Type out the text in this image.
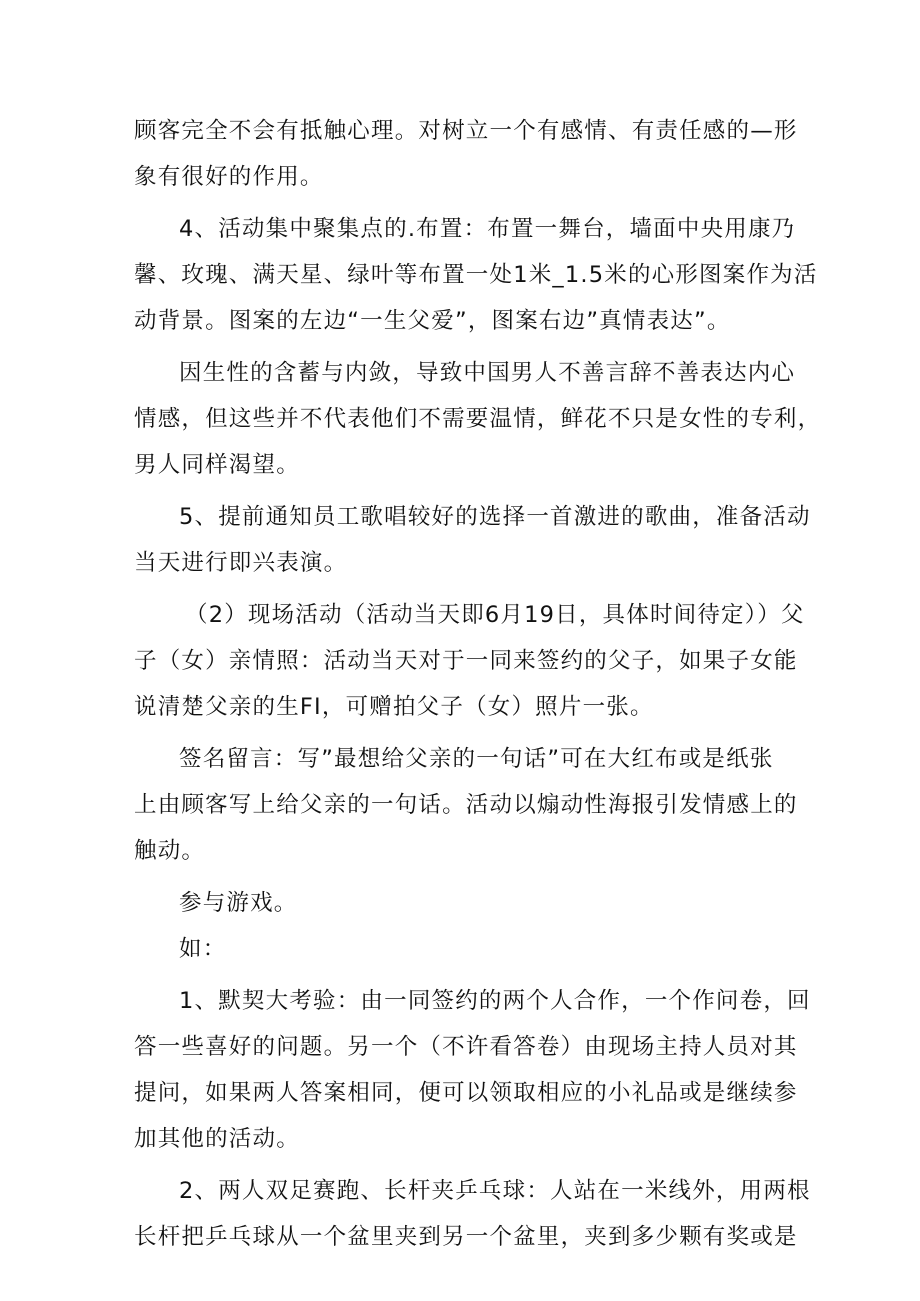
顾客完全不会有抵触心理。对树立一个有感情、有责任感的—形
象有很好的作用。
4、活动集中聚集点的.布置：布置一舞台，墙面中央用康乃
馨、玫瑰、满天星、绿叶等布置一处1米_1.5米的心形图案作为活
动背景。图案的左边“一生父爱”，图案右边”真情表达”。
因生性的含蓄与内敛，导致中国男人不善言辞不善表达内心
情感，但这些并不代表他们不需要温情，鲜花不只是女性的专利，
男人同样渴望。
5、提前通知员工歌唱较好的选择一首激进的歌曲，准备活动
当天进行即兴表演。
（2）现场活动（活动当天即6月19日，具体时间待定））父
子（女）亲情照：活动当天对于一同来签约的父子，如果子女能
说清楚父亲的生FI，可赠拍父子（女）照片一张。
签名留言：写”最想给父亲的一句话”可在大红布或是纸张
上由顾客写上给父亲的一句话。活动以煽动性海报引发情感上的
触动。
参与游戏。
如：
1、默契大考验：由一同签约的两个人合作，一个作问卷，回
答一些喜好的问题。另一个（不许看答卷）由现场主持人员对其
提问，如果两人答案相同，便可以领取相应的小礼品或是继续参
加其他的活动。
2、两人双足赛跑、长杆夹乒乓球：人站在一米线外，用两根
长杆把乒乓球从一个盆里夹到另一个盆里，夹到多少颗有奖或是
